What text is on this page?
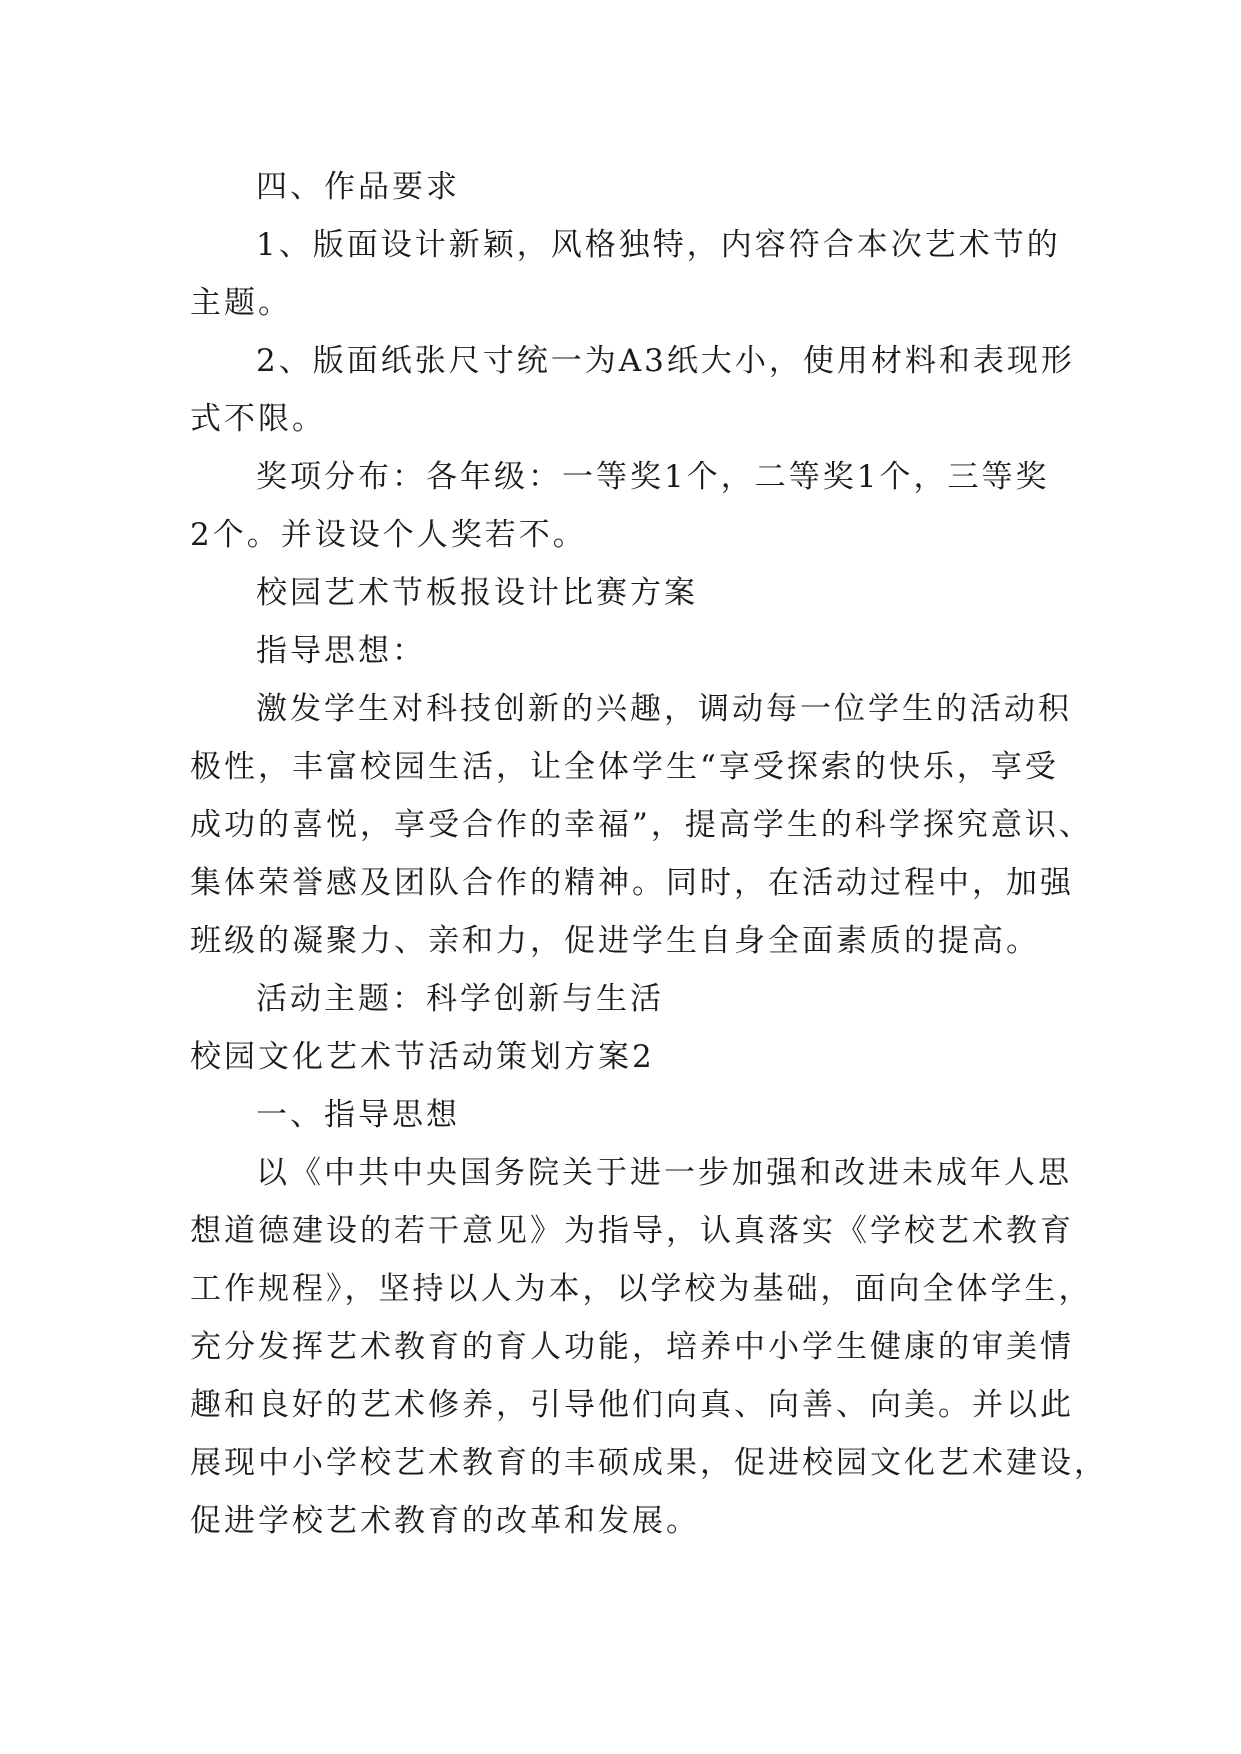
四、作品要求
1、版面设计新颖，风格独特，内容符合本次艺术节的
主题。
2、版面纸张尺寸统一为A3纸大小，使用材料和表现形
式不限。
奖项分布：各年级：一等奖1个，二等奖1个，三等奖
2个。并设设个人奖若不。
校园艺术节板报设计比赛方案
指导思想：
激发学生对科技创新的兴趣，调动每一位学生的活动积
极性，丰富校园生活，让全体学生“享受探索的快乐，享受
成功的喜悦，享受合作的幸福”，提高学生的科学探究意识、
集体荣誉感及团队合作的精神。同时，在活动过程中，加强
班级的凝聚力、亲和力，促进学生自身全面素质的提高。
活动主题：科学创新与生活
校园文化艺术节活动策划方案2
一、指导思想
以《中共中央国务院关于进一步加强和改进未成年人思
想道德建设的若干意见》为指导，认真落实《学校艺术教育
工作规程》，坚持以人为本，以学校为基础，面向全体学生，
充分发挥艺术教育的育人功能，培养中小学生健康的审美情
趣和良好的艺术修养，引导他们向真、向善、向美。并以此
展现中小学校艺术教育的丰硕成果，促进校园文化艺术建设，
促进学校艺术教育的改革和发展。
